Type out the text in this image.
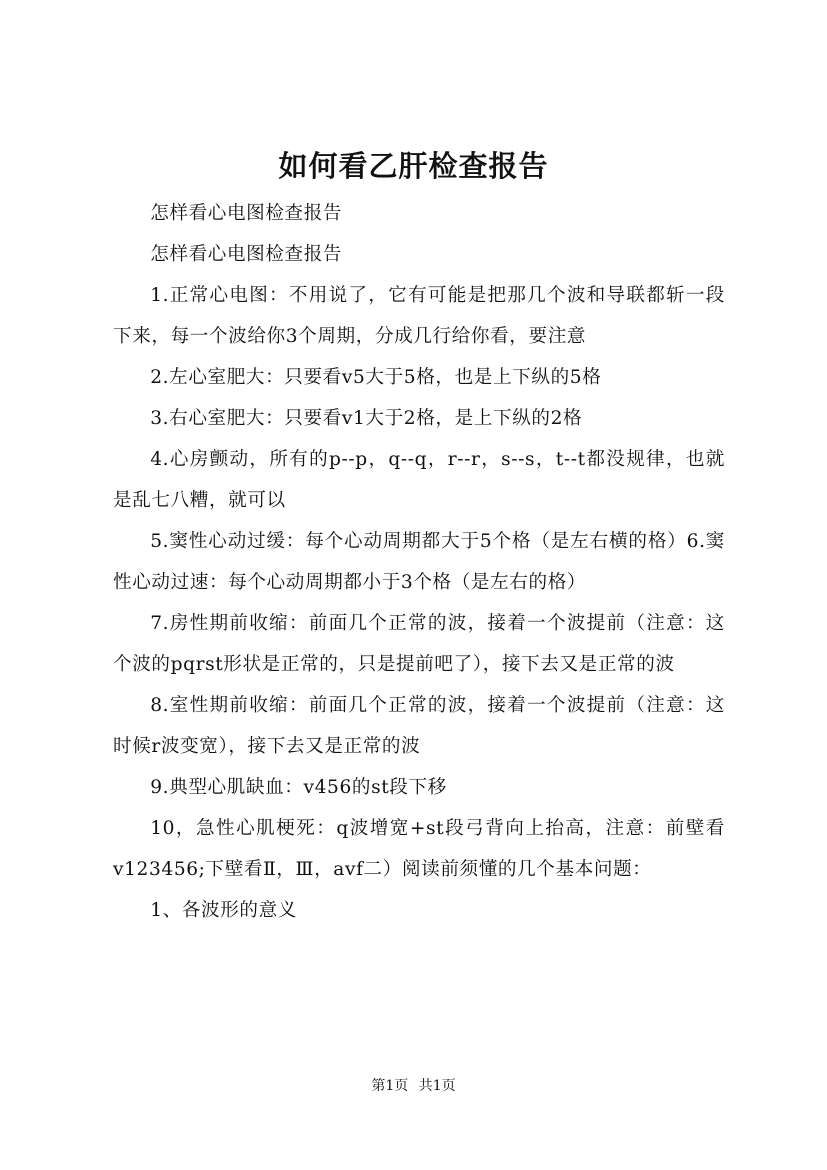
如何看乙肝检查报告

怎样看心电图检查报告

怎样看心电图检查报告

1.正常心电图：不用说了，它有可能是把那几个波和导联都斩一段下来，每一个波给你3个周期，分成几行给你看，要注意

2.左心室肥大：只要看v5大于5格，也是上下纵的5格

3.右心室肥大：只要看v1大于2格，是上下纵的2格

4.心房颤动，所有的p--p，q--q，r--r，s--s，t--t都没规律，也就是乱七八糟，就可以

5.窦性心动过缓：每个心动周期都大于5个格（是左右横的格）6.窦性心动过速：每个心动周期都小于3个格（是左右的格）

7.房性期前收缩：前面几个正常的波，接着一个波提前（注意：这个波的pqrst形状是正常的，只是提前吧了），接下去又是正常的波

8.室性期前收缩：前面几个正常的波，接着一个波提前（注意：这时候r波变宽），接下去又是正常的波

9.典型心肌缺血：v456的st段下移

10，急性心肌梗死：q波增宽+st段弓背向上抬高，注意：前壁看v123456;下壁看Ⅱ，Ⅲ，avf二）阅读前须懂的几个基本问题：

1、各波形的意义

第1页 共1页
